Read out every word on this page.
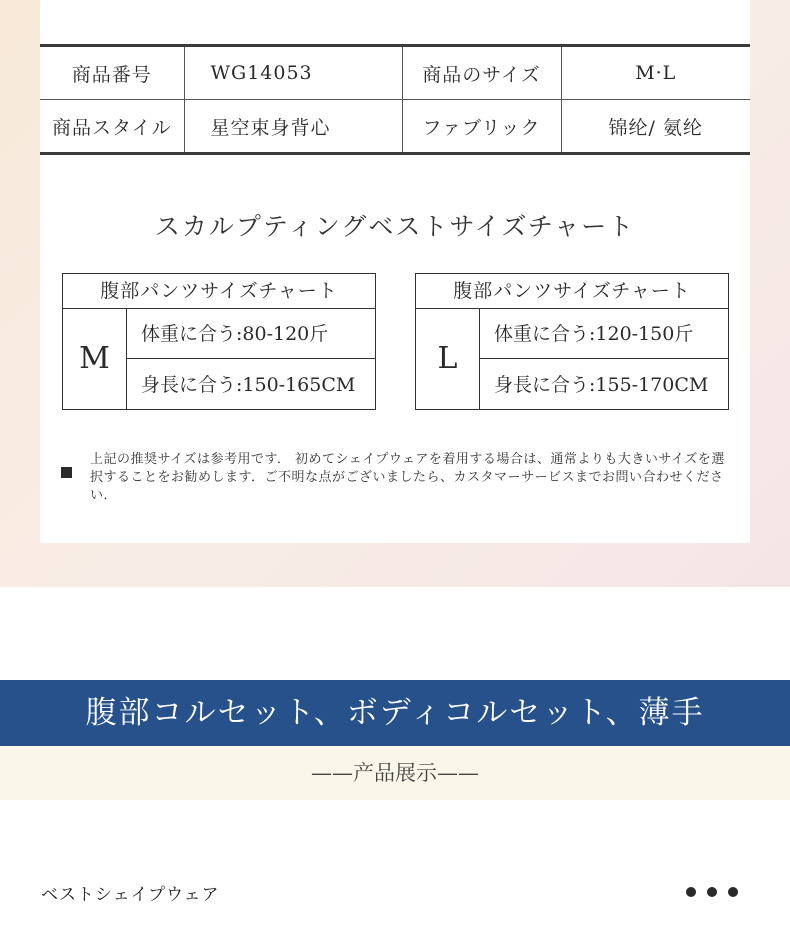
商品番号	WG14053	商品のサイズ	M·L
商品スタイル	星空束身背心	ファブリック	锦纶/ 氨纶
スカルプティングベストサイズチャート
腹部パンツサイズチャート
M
体重に合う:80-120斤
身長に合う:150-165CM
腹部パンツサイズチャート
L
体重に合う:120-150斤
身長に合う:155-170CM
上記の推奨サイズは参考用です． 初めてシェイプウェアを着用する場合は、通常よりも大きいサイズを選択することをお勧めします．ご不明な点がございましたら、カスタマーサービスまでお問い合わせください．
腹部コルセット、ボディコルセット、薄手
——产品展示——
ベストシェイプウェア
